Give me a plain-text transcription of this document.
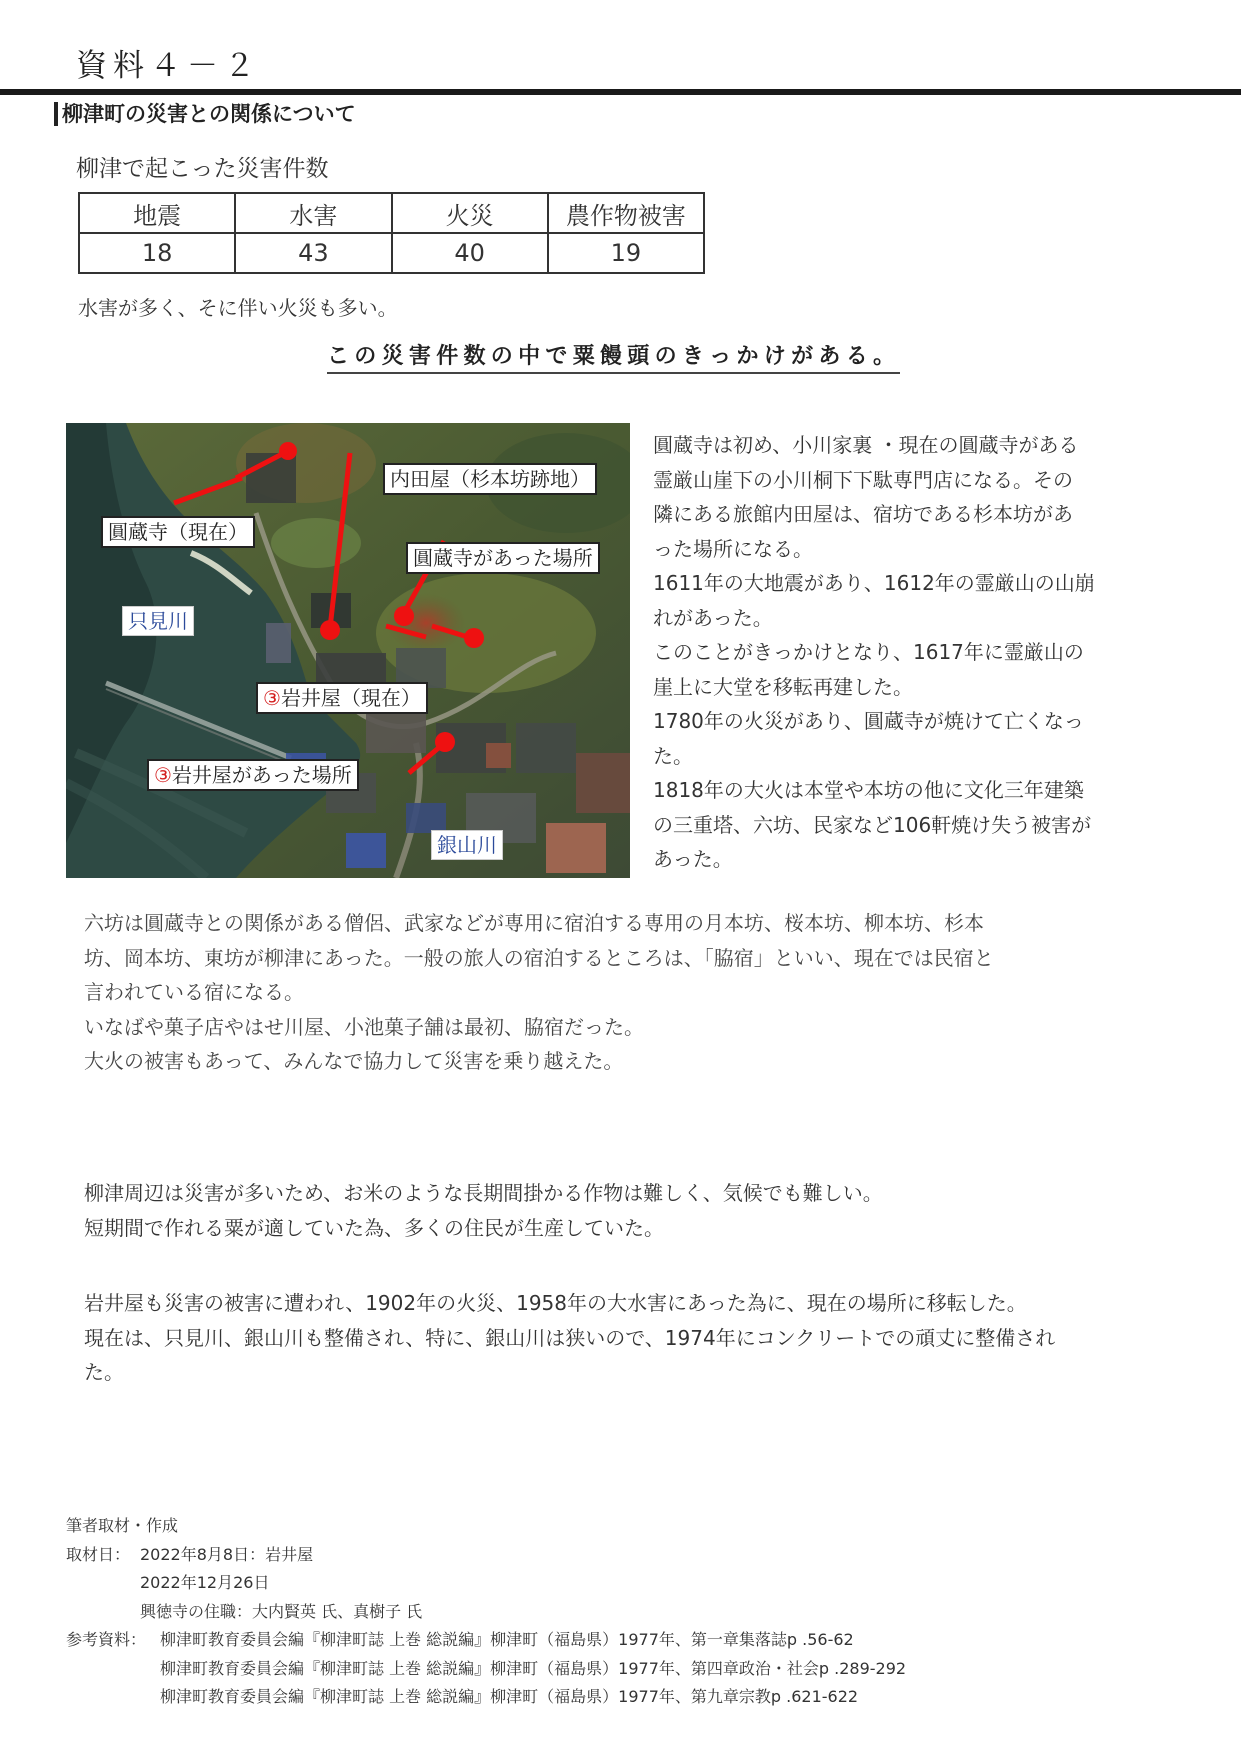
資料４－２
柳津町の災害との関係について
柳津で起こった災害件数
地震	水害	火災	農作物被害
18	43	40	19
水害が多く、そに伴い火災も多い。
この災害件数の中で粟饅頭のきっかけがある。
圓蔵寺（現在）
内田屋（杉本坊跡地）
圓蔵寺があった場所
只見川
③岩井屋（現在）
③岩井屋があった場所
銀山川
圓蔵寺は初め、小川家裏 ・現在の圓蔵寺がある
霊厳山崖下の小川桐下下駄専門店になる。その
隣にある旅館内田屋は、宿坊である杉本坊があ
った場所になる。
1611年の大地震があり、1612年の霊厳山の山崩
れがあった。
このことがきっかけとなり、1617年に霊厳山の
崖上に大堂を移転再建した。
1780年の火災があり、圓蔵寺が焼けて亡くなっ
た。
1818年の大火は本堂や本坊の他に文化三年建築
の三重塔、六坊、民家など106軒焼け失う被害が
あった。
六坊は圓蔵寺との関係がある僧侶、武家などが専用に宿泊する専用の月本坊、桜本坊、柳本坊、杉本
坊、岡本坊、東坊が柳津にあった。一般の旅人の宿泊するところは、「脇宿」といい、現在では民宿と
言われている宿になる。
いなばや菓子店やはせ川屋、小池菓子舗は最初、脇宿だった。
大火の被害もあって、みんなで協力して災害を乗り越えた。
柳津周辺は災害が多いため、お米のような長期間掛かる作物は難しく、気候でも難しい。
短期間で作れる粟が適していた為、多くの住民が生産していた。
岩井屋も災害の被害に遭われ、1902年の火災、1958年の大水害にあった為に、現在の場所に移転した。
現在は、只見川、銀山川も整備され、特に、銀山川は狭いので、1974年にコンクリートでの頑丈に整備され
た。
筆者取材・作成
取材日： 2022年8月8日：岩井屋
2022年12月26日
興徳寺の住職：大内賢英 氏、真樹子 氏
参考資料： 柳津町教育委員会編『柳津町誌 上巻 総説編』柳津町（福島県）1977年、第一章集落誌p .56-62
柳津町教育委員会編『柳津町誌 上巻 総説編』柳津町（福島県）1977年、第四章政治・社会p .289-292
柳津町教育委員会編『柳津町誌 上巻 総説編』柳津町（福島県）1977年、第九章宗教p .621-622
